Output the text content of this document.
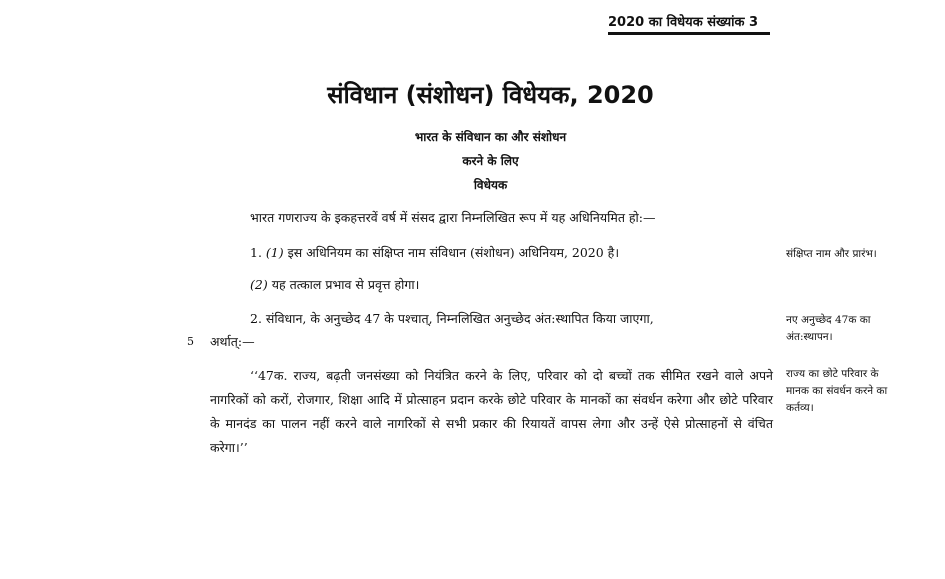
2020 का विधेयक संख्यांक 3
संविधान (संशोधन) विधेयक, 2020
भारत के संविधान का और संशोधन
करने के लिए
विधेयक
भारत गणराज्य के इकहत्तरवें वर्ष में संसद द्वारा निम्नलिखित रूप में यह अधिनियमित हो:—
1. (1) इस अधिनियम का संक्षिप्त नाम संविधान (संशोधन) अधिनियम, 2020 है।
(2) यह तत्काल प्रभाव से प्रवृत्त होगा।
संक्षिप्त नाम और प्रारंभ।
2. संविधान, के अनुच्छेद 47 के पश्चात्, निम्नलिखित अनुच्छेद अंत:स्थापित किया जाएगा,
अर्थात्:—
5
नए अनुच्छेद 47क का अंत:स्थापन।
‘‘47क. राज्य, बढ़ती जनसंख्या को नियंत्रित करने के लिए, परिवार को दो बच्चों तक सीमित रखने वाले अपने नागरिकों को करों, रोजगार, शिक्षा आदि में प्रोत्साहन प्रदान करके छोटे परिवार के मानकों का संवर्धन करेगा और छोटे परिवार के मानदंड का पालन नहीं करने वाले नागरिकों से सभी प्रकार की रियायतें वापस लेगा और उन्हें ऐसे प्रोत्साहनों से वंचित करेगा।’’
राज्य का छोटे परिवार के मानक का संवर्धन करने का कर्तव्य।
